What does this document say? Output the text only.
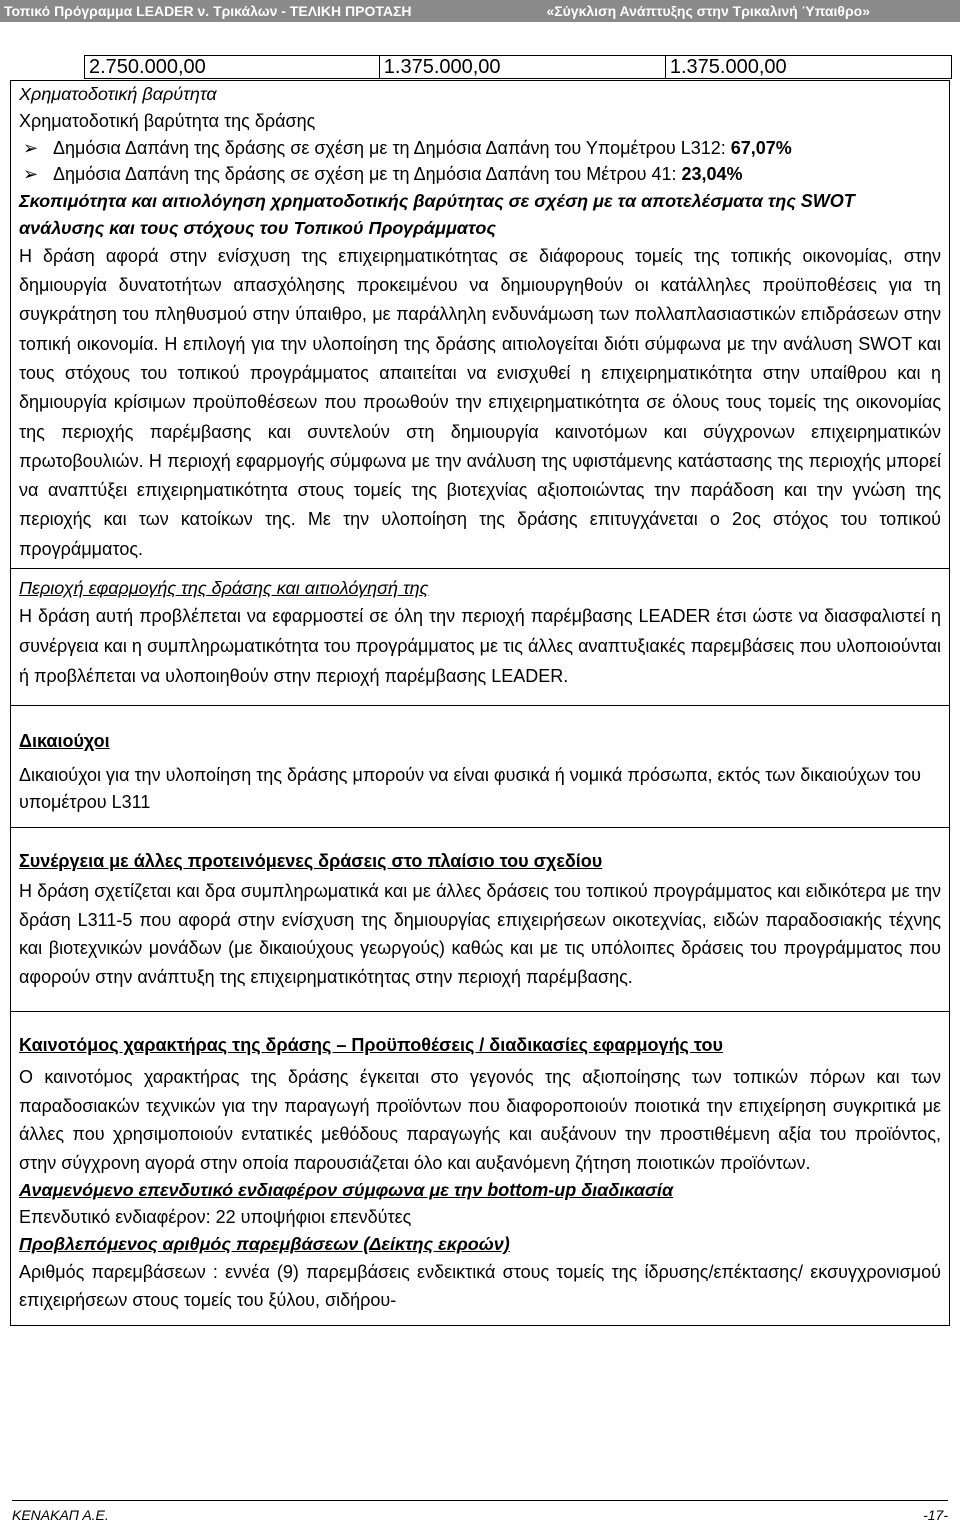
Τοπικό Πρόγραμμα LEADER ν. Τρικάλων - ΤΕΛΙΚΗ ΠΡΟΤΑΣΗ	«Σύγκλιση Ανάπτυξης στην Τρικαλινή Ύπαιθρο»
2.750.000,00	1.375.000,00	1.375.000,00
Χρηματοδοτική βαρύτητα
Χρηματοδοτική βαρύτητα της δράσης
➢ Δημόσια Δαπάνη της δράσης σε σχέση με τη Δημόσια Δαπάνη του Υπομέτρου L312: 67,07%
➢ Δημόσια Δαπάνη της δράσης σε σχέση με τη Δημόσια Δαπάνη του Μέτρου 41: 23,04%
Σκοπιμότητα και αιτιολόγηση χρηματοδοτικής βαρύτητας σε σχέση με τα αποτελέσματα της SWOT ανάλυσης και τους στόχους του Τοπικού Προγράμματος
Η δράση αφορά στην ενίσχυση της επιχειρηματικότητας σε διάφορους τομείς της τοπικής οικονομίας, στην δημιουργία δυνατοτήτων απασχόλησης προκειμένου να δημιουργηθούν οι κατάλληλες προϋποθέσεις για τη συγκράτηση του πληθυσμού στην ύπαιθρο, με παράλληλη ενδυνάμωση των πολλαπλασιαστικών επιδράσεων στην τοπική οικονομία. Η επιλογή για την υλοποίηση της δράσης αιτιολογείται διότι σύμφωνα με την ανάλυση SWOT και τους στόχους του τοπικού προγράμματος απαιτείται να ενισχυθεί η επιχειρηματικότητα στην υπαίθρου και η δημιουργία κρίσιμων προϋποθέσεων που προωθούν την επιχειρηματικότητα σε όλους τους τομείς της οικονομίας της περιοχής παρέμβασης και συντελούν στη δημιουργία καινοτόμων και σύγχρονων επιχειρηματικών πρωτοβουλιών. Η περιοχή εφαρμογής σύμφωνα με την ανάλυση της υφιστάμενης κατάστασης της περιοχής μπορεί να αναπτύξει επιχειρηματικότητα στους τομείς της βιοτεχνίας αξιοποιώντας την παράδοση και την γνώση της περιοχής και των κατοίκων της. Με την υλοποίηση της δράσης επιτυγχάνεται ο 2ος στόχος του τοπικού προγράμματος.
Περιοχή εφαρμογής της δράσης και αιτιολόγησή της
Η δράση αυτή προβλέπεται να εφαρμοστεί σε όλη την περιοχή παρέμβασης LEADER έτσι ώστε να διασφαλιστεί η συνέργεια και η συμπληρωματικότητα του προγράμματος με τις άλλες αναπτυξιακές παρεμβάσεις που υλοποιούνται ή προβλέπεται να υλοποιηθούν στην περιοχή παρέμβασης LEADER.
Δικαιούχοι
Δικαιούχοι για την υλοποίηση της δράσης μπορούν να είναι φυσικά ή νομικά πρόσωπα, εκτός των δικαιούχων του υπομέτρου L311
Συνέργεια με άλλες προτεινόμενες δράσεις στο πλαίσιο του σχεδίου
Η δράση σχετίζεται και δρα συμπληρωματικά και με άλλες δράσεις του τοπικού προγράμματος και ειδικότερα με την δράση L311-5 που αφορά στην ενίσχυση της δημιουργίας επιχειρήσεων οικοτεχνίας, ειδών παραδοσιακής τέχνης και βιοτεχνικών μονάδων (με δικαιούχους γεωργούς) καθώς και με τις υπόλοιπες δράσεις του προγράμματος που αφορούν στην ανάπτυξη της επιχειρηματικότητας στην περιοχή παρέμβασης.
Καινοτόμος χαρακτήρας της δράσης – Προϋποθέσεις / διαδικασίες εφαρμογής του
Ο καινοτόμος χαρακτήρας της δράσης έγκειται στο γεγονός της αξιοποίησης των τοπικών πόρων και των παραδοσιακών τεχνικών για την παραγωγή προϊόντων που διαφοροποιούν ποιοτικά την επιχείρηση συγκριτικά με άλλες που χρησιμοποιούν εντατικές μεθόδους παραγωγής και αυξάνουν την προστιθέμενη αξία του προϊόντος, στην σύγχρονη αγορά στην οποία παρουσιάζεται όλο και αυξανόμενη ζήτηση ποιοτικών προϊόντων.
Αναμενόμενο επενδυτικό ενδιαφέρον σύμφωνα με την bottom-up διαδικασία
Επενδυτικό ενδιαφέρον: 22 υποψήφιοι επενδύτες
Προβλεπόμενος αριθμός παρεμβάσεων (Δείκτης εκροών)
Αριθμός παρεμβάσεων : εννέα (9) παρεμβάσεις ενδεικτικά στους τομείς της ίδρυσης/επέκτασης/ εκσυγχρονισμού επιχειρήσεων στους τομείς του ξύλου, σιδήρου-
ΚΕΝΑΚΑΠ Α.Ε.	-17-
